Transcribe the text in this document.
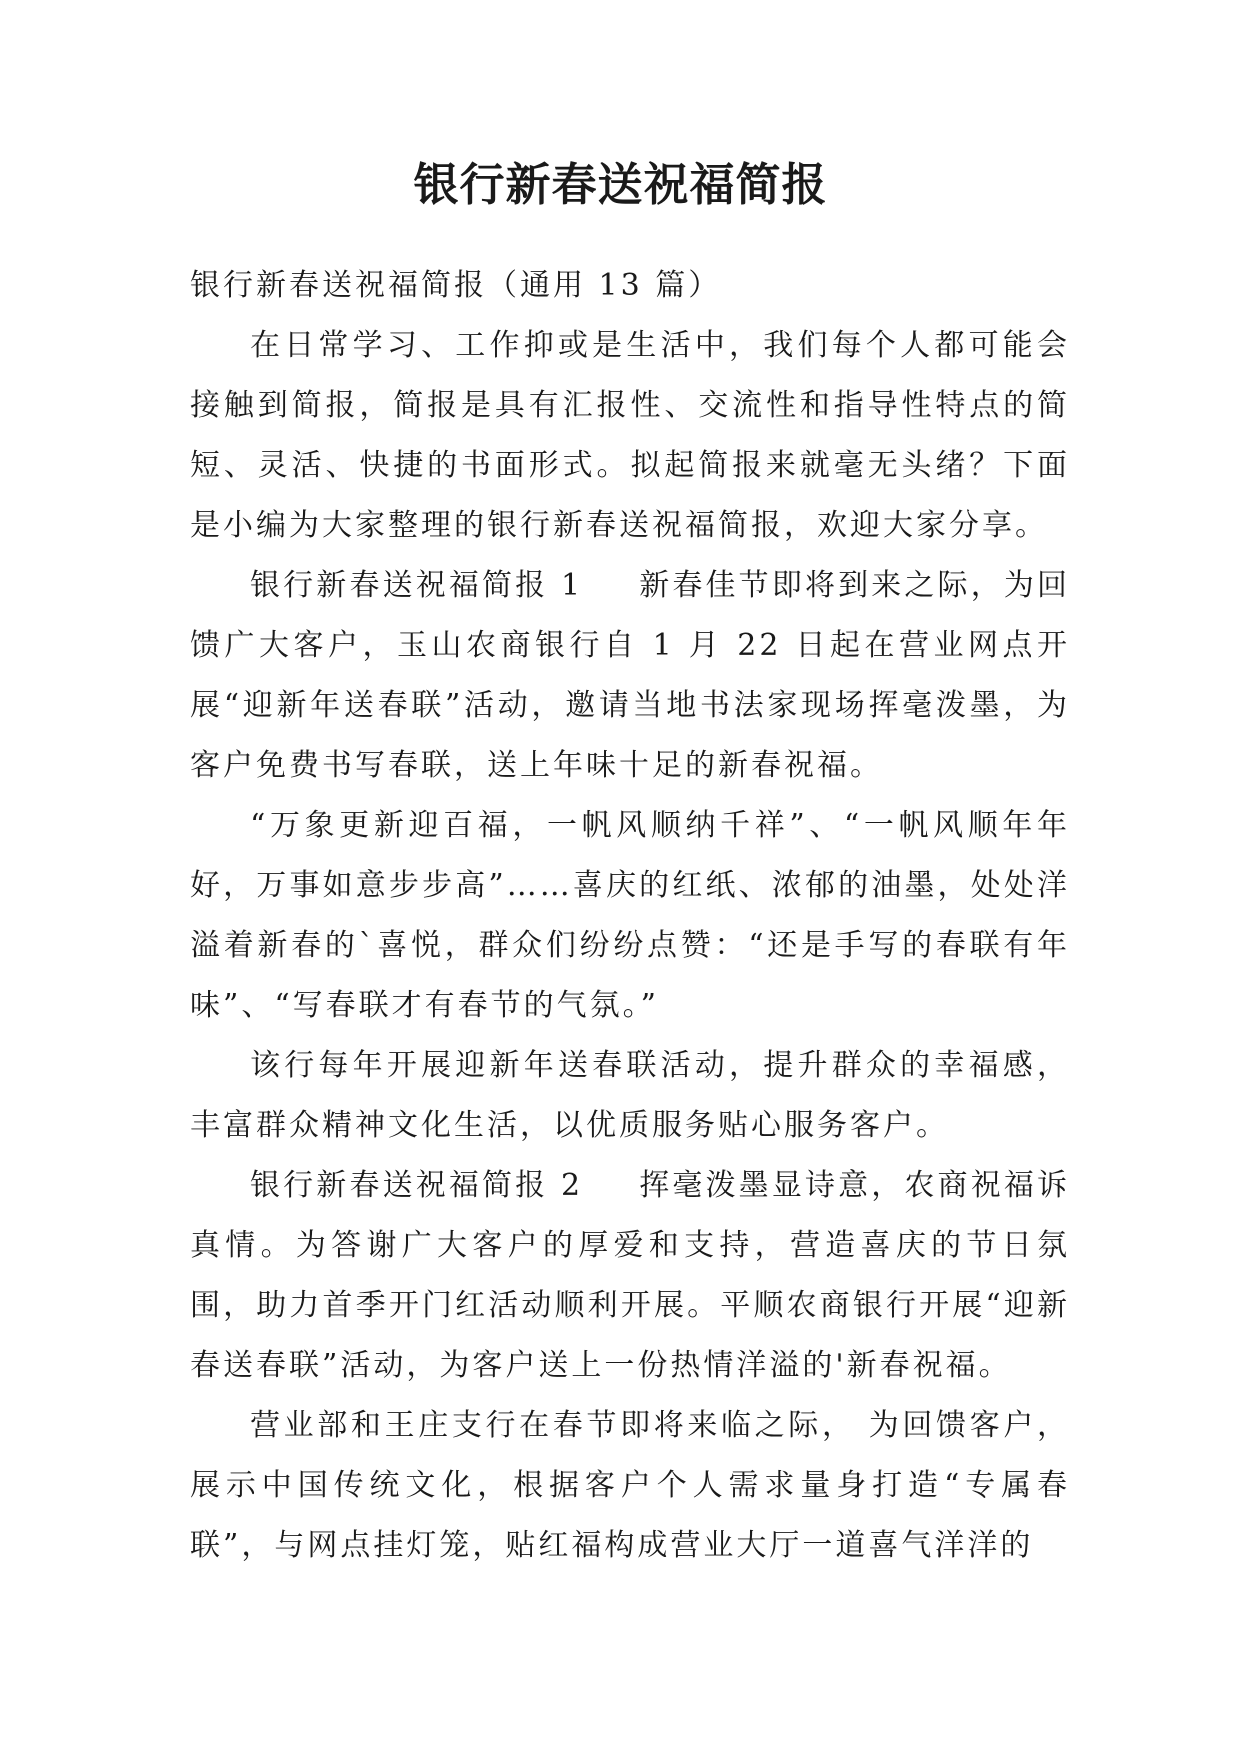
银行新春送祝福简报

银行新春送祝福简报（通用 13 篇）

在日常学习、工作抑或是生活中，我们每个人都可能会接触到简报，简报是具有汇报性、交流性和指导性特点的简短、灵活、快捷的书面形式。拟起简报来就毫无头绪？下面是小编为大家整理的银行新春送祝福简报，欢迎大家分享。

银行新春送祝福简报 1 新春佳节即将到来之际，为回馈广大客户，玉山农商银行自 1 月 22 日起在营业网点开展“迎新年送春联”活动，邀请当地书法家现场挥毫泼墨，为客户免费书写春联，送上年味十足的新春祝福。

“万象更新迎百福，一帆风顺纳千祥”、“一帆风顺年年好，万事如意步步高”……喜庆的红纸、浓郁的油墨，处处洋溢着新春的`喜悦，群众们纷纷点赞：“还是手写的春联有年味”、“写春联才有春节的气氛。”

该行每年开展迎新年送春联活动，提升群众的幸福感，丰富群众精神文化生活，以优质服务贴心服务客户。

银行新春送祝福简报 2 挥毫泼墨显诗意，农商祝福诉真情。为答谢广大客户的厚爱和支持，营造喜庆的节日氛围，助力首季开门红活动顺利开展。平顺农商银行开展“迎新春送春联”活动，为客户送上一份热情洋溢的'新春祝福。

营业部和王庄支行在春节即将来临之际， 为回馈客户，展示中国传统文化，根据客户个人需求量身打造“专属春联”，与网点挂灯笼，贴红福构成营业大厅一道喜气洋洋的
